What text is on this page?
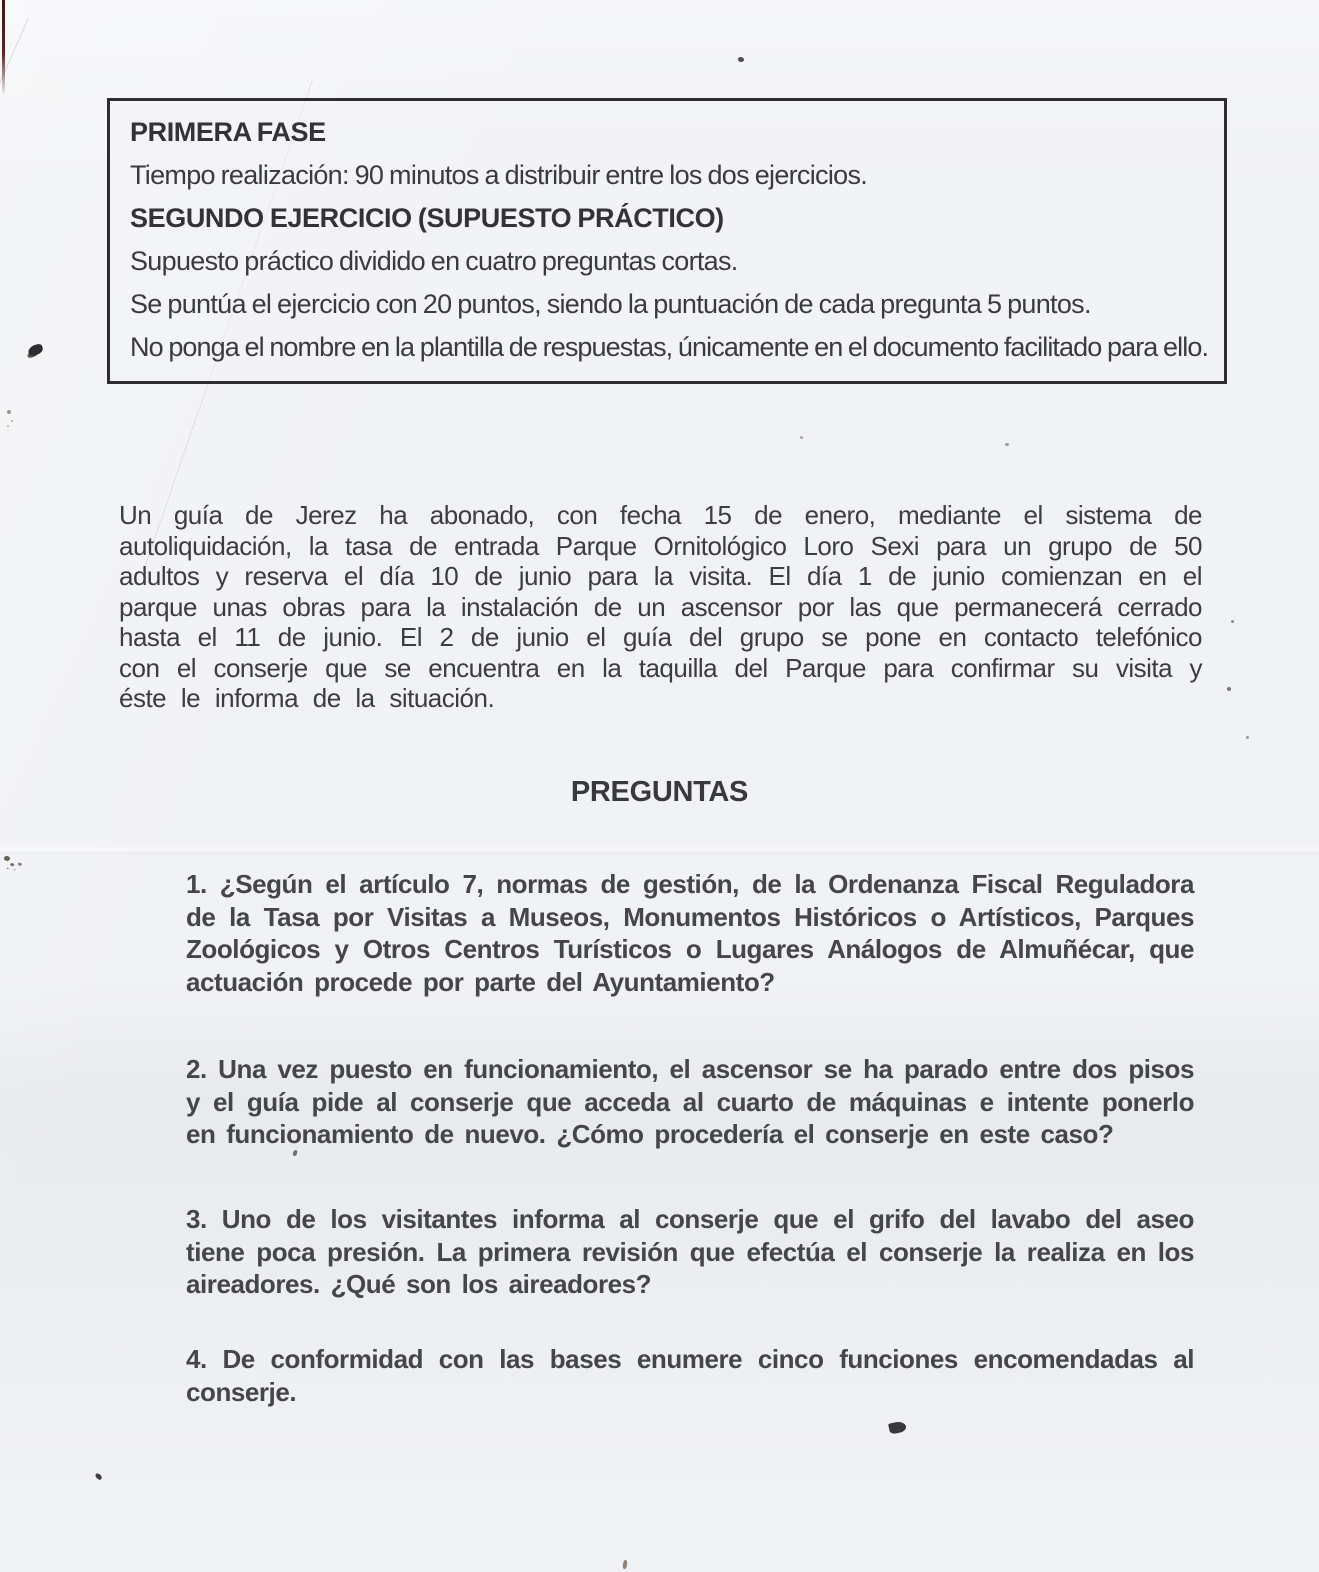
PRIMERA FASE

Tiempo realización: 90 minutos a distribuir entre los dos ejercicios.

SEGUNDO EJERCICIO (SUPUESTO PRÁCTICO)

Supuesto práctico dividido en cuatro preguntas cortas.

Se puntúa el ejercicio con 20 puntos, siendo la puntuación de cada pregunta 5 puntos.

No ponga el nombre en la plantilla de respuestas, únicamente en el documento facilitado para ello.

Un guía de Jerez ha abonado, con fecha 15 de enero, mediante el sistema de autoliquidación, la tasa de entrada Parque Ornitológico Loro Sexi para un grupo de 50 adultos y reserva el día 10 de junio para la visita. El día 1 de junio comienzan en el parque unas obras para la instalación de un ascensor por las que permanecerá cerrado hasta el 11 de junio. El 2 de junio el guía del grupo se pone en contacto telefónico con el conserje que se encuentra en la taquilla del Parque para confirmar su visita y éste le informa de la situación.
PREGUNTAS
1. ¿Según el artículo 7, normas de gestión, de la Ordenanza Fiscal Reguladora de la Tasa por Visitas a Museos, Monumentos Históricos o Artísticos, Parques Zoológicos y Otros Centros Turísticos o Lugares Análogos de Almuñécar, que actuación procede por parte del Ayuntamiento?
2. Una vez puesto en funcionamiento, el ascensor se ha parado entre dos pisos y el guía pide al conserje que acceda al cuarto de máquinas e intente ponerlo en funcionamiento de nuevo. ¿Cómo procedería el conserje en este caso?
3. Uno de los visitantes informa al conserje que el grifo del lavabo del aseo tiene poca presión. La primera revisión que efectúa el conserje la realiza en los aireadores. ¿Qué son los aireadores?
4. De conformidad con las bases enumere cinco funciones encomendadas al conserje.
